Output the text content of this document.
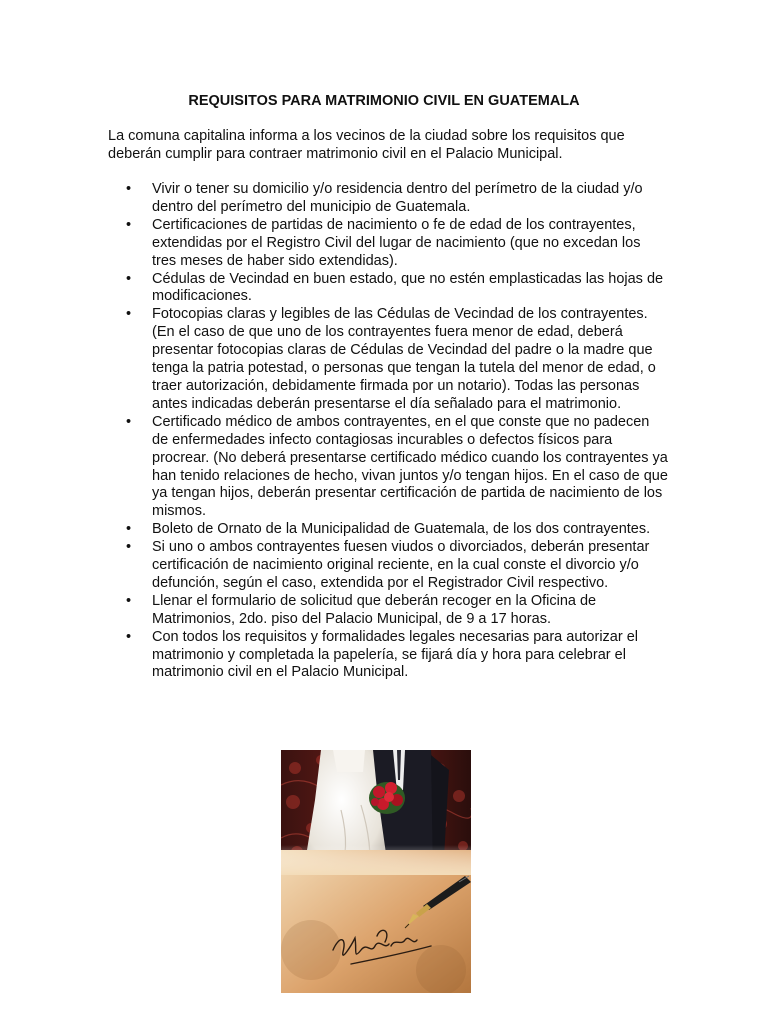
REQUISITOS PARA MATRIMONIO CIVIL EN GUATEMALA

La comuna capitalina informa a los vecinos de la ciudad sobre los requisitos que deberán cumplir para contraer matrimonio civil en el Palacio Municipal.

• Vivir o tener su domicilio y/o residencia dentro del perímetro de la ciudad y/o dentro del perímetro del municipio de Guatemala.
• Certificaciones de partidas de nacimiento o fe de edad de los contrayentes, extendidas por el Registro Civil del lugar de nacimiento (que no excedan los tres meses de haber sido extendidas).
• Cédulas de Vecindad en buen estado, que no estén emplasticadas las hojas de modificaciones.
• Fotocopias claras y legibles de las Cédulas de Vecindad de los contrayentes. (En el caso de que uno de los contrayentes fuera menor de edad, deberá presentar fotocopias claras de Cédulas de Vecindad del padre o la madre que tenga la patria potestad, o personas que tengan la tutela del menor de edad, o traer autorización, debidamente firmada por un notario). Todas las personas antes indicadas deberán presentarse el día señalado para el matrimonio.
• Certificado médico de ambos contrayentes, en el que conste que no padecen de enfermedades infecto contagiosas incurables o defectos físicos para procrear. (No deberá presentarse certificado médico cuando los contrayentes ya han tenido relaciones de hecho, vivan juntos y/o tengan hijos. En el caso de que ya tengan hijos, deberán presentar certificación de partida de nacimiento de los mismos.
• Boleto de Ornato de la Municipalidad de Guatemala, de los dos contrayentes.
• Si uno o ambos contrayentes fuesen viudos o divorciados, deberán presentar certificación de nacimiento original reciente, en la cual conste el divorcio y/o defunción, según el caso, extendida por el Registrador Civil respectivo.
• Llenar el formulario de solicitud que deberán recoger en la Oficina de Matrimonios, 2do. piso del Palacio Municipal, de 9 a 17 horas.
• Con todos los requisitos y formalidades legales necesarias para autorizar el matrimonio y completada la papelería, se fijará día y hora para celebrar el matrimonio civil en el Palacio Municipal.
